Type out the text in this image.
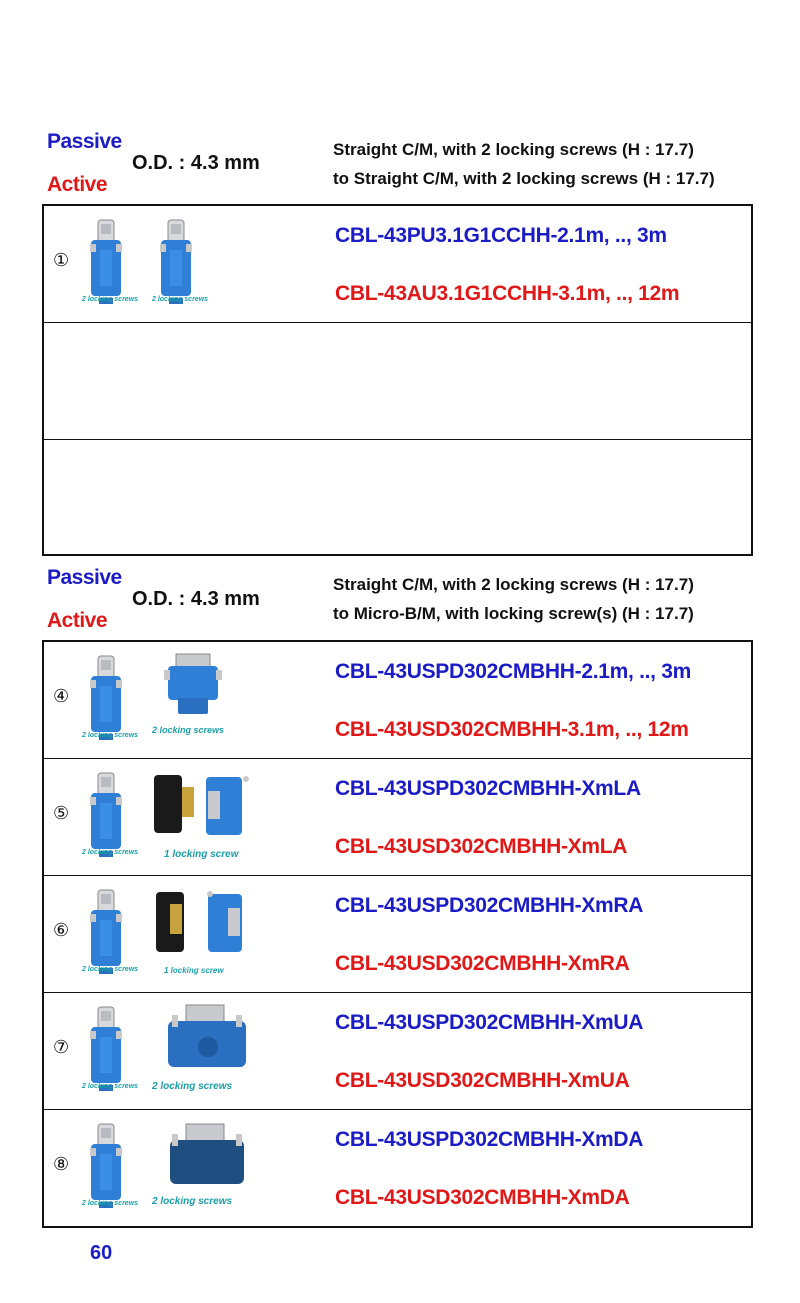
Passive
O.D. : 4.3 mm
Active
Straight C/M, with 2 locking screws (H : 17.7)
to Straight C/M, with 2 locking screws (H : 17.7)
①
2 locking screws 2 locking screws
CBL-43PU3.1G1CCHH-2.1m, .., 3m
CBL-43AU3.1G1CCHH-3.1m, .., 12m
Passive
O.D. : 4.3 mm
Active
Straight C/M, with 2 locking screws (H : 17.7)
to Micro-B/M, with locking screw(s) (H : 17.7)
④
2 locking screws
2 locking screws
CBL-43USPD302CMBHH-2.1m, .., 3m
CBL-43USD302CMBHH-3.1m, .., 12m
⑤
2 locking screws	1 locking screw
CBL-43USPD302CMBHH-XmLA
CBL-43USD302CMBHH-XmLA
⑥
2 locking screws	1 locking screw
CBL-43USPD302CMBHH-XmRA
CBL-43USD302CMBHH-XmRA
⑦
2 locking screws 2 locking screws
CBL-43USPD302CMBHH-XmUA
CBL-43USD302CMBHH-XmUA
⑧
2 locking screws 2 locking screws
CBL-43USPD302CMBHH-XmDA
CBL-43USD302CMBHH-XmDA
60
